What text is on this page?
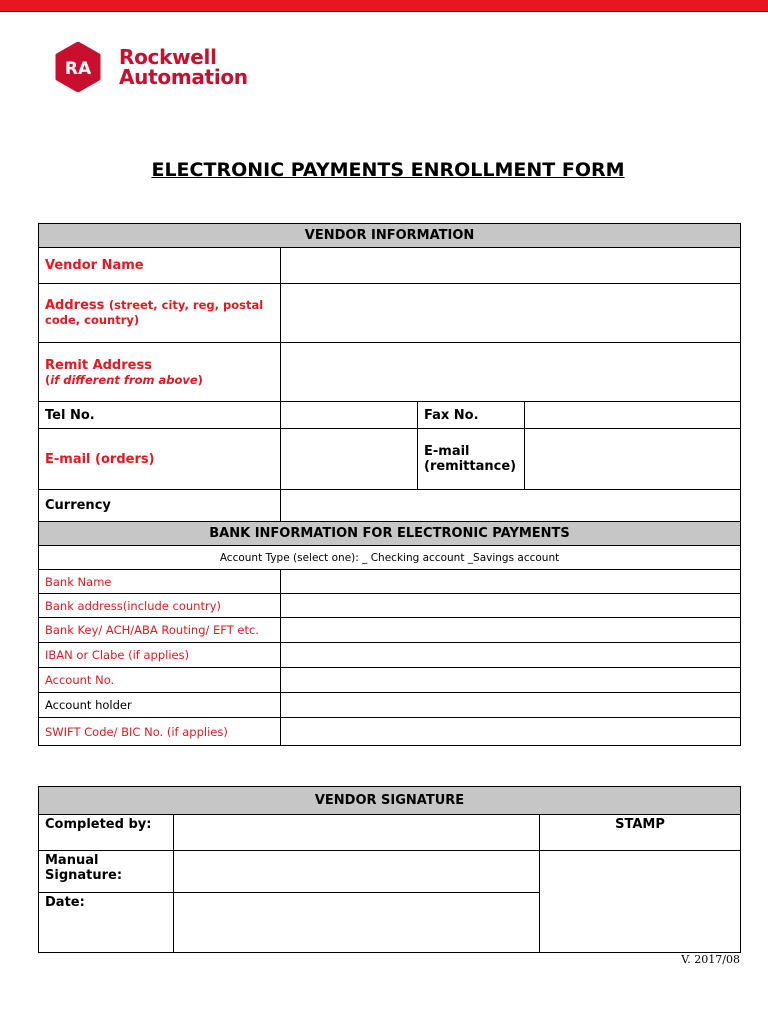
RA Rockwell
Automation
ELECTRONIC PAYMENTS ENROLLMENT FORM
VENDOR INFORMATION			
Vendor Name			
Address (street, city, reg, postal code, country)			

Remit Address
(if different from above)			

Tel No.		Fax No.	
E-mail (orders)		E-mail
(remittance)	

Currency			
BANK INFORMATION FOR ELECTRONIC PAYMENTS			
Account Type (select one): _ Checking account _Savings account			
Bank Name			
Bank address(include country)			
Bank Key/ ACH/ABA Routing/ EFT etc.			
IBAN or Clabe (if applies)			
Account No.			
Account holder			
SWIFT Code/ BIC No. (if applies)			
VENDOR SIGNATURE		
Completed by:		STAMP

Manual
Signature:		

Date:		
V. 2017/08
